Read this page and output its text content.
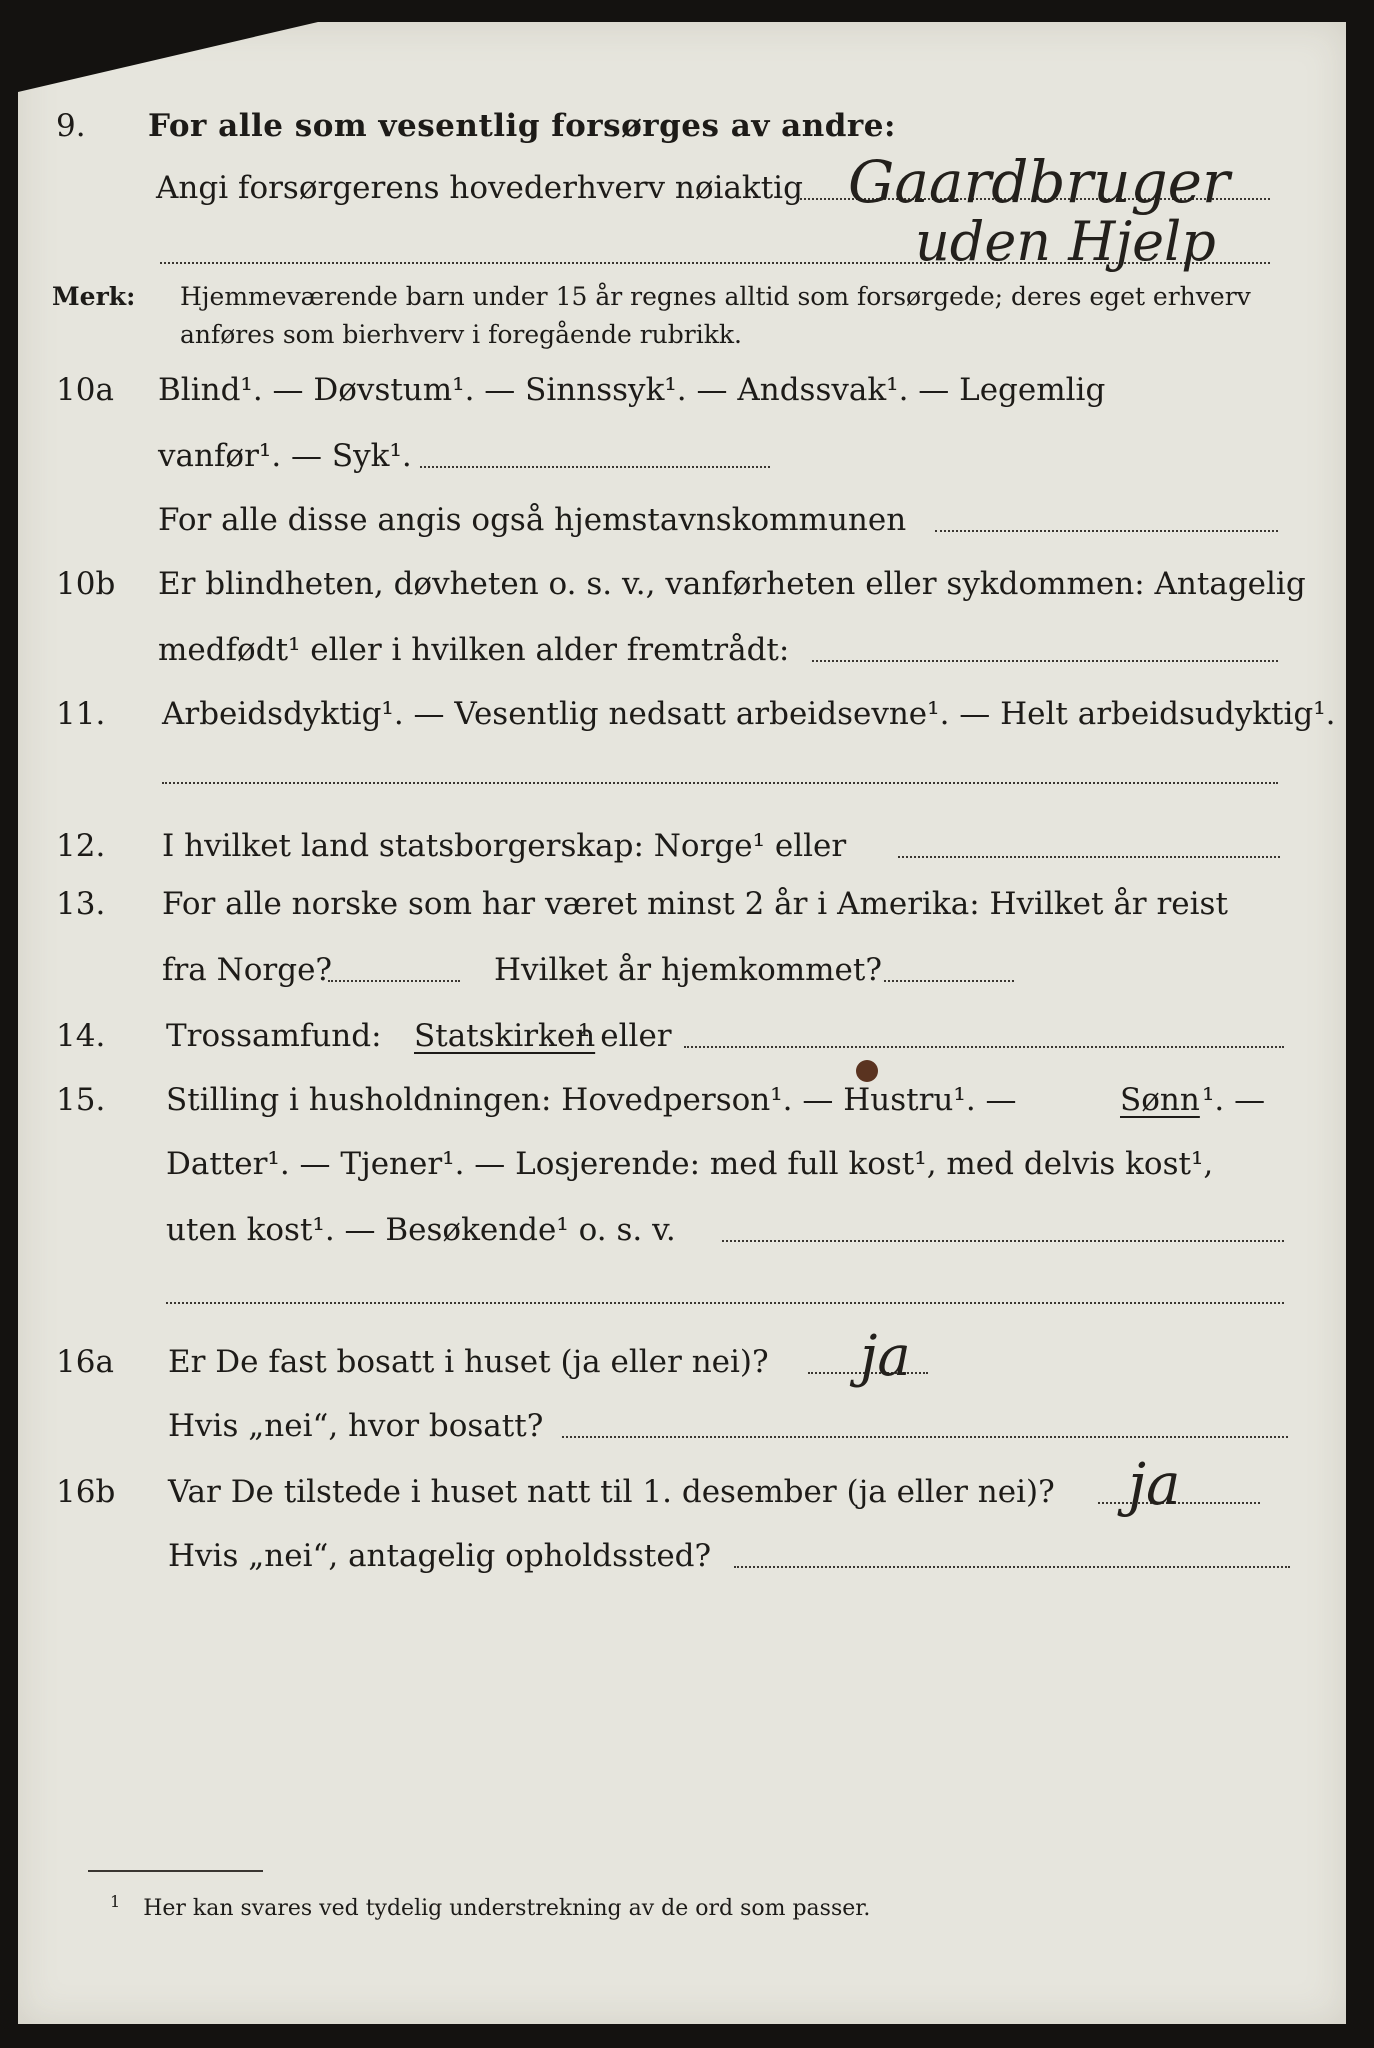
9. For alle som vesentlig forsørges av andre:
Angi forsørgerens hovederhverv nøiaktig Gaardbruger
uden Hjelp
Merk: Hjemmeværende barn under 15 år regnes alltid som forsørgede; deres eget erhverv
anføres som bierhverv i foregående rubrikk.
10a Blind¹. — Døvstum¹. — Sinnssyk¹. — Andssvak¹. — Legemlig
vanfør¹. — Syk¹.
For alle disse angis også hjemstavnskommunen
10b Er blindheten, døvheten o. s. v., vanførheten eller sykdommen: Antagelig
medfødt¹ eller i hvilken alder fremtrådt:
11. Arbeidsdyktig¹. — Vesentlig nedsatt arbeidsevne¹. — Helt arbeidsudyktig¹.
12. I hvilket land statsborgerskap: Norge¹ eller
13. For alle norske som har været minst 2 år i Amerika: Hvilket år reist
fra Norge?	Hvilket år hjemkommet?
14. Trossamfund: Statskirken
¹ eller
15. Stilling i husholdningen: Hovedperson¹. — Hustru¹. —	Sønn ¹. —
Datter¹. — Tjener¹. — Losjerende: med full kost¹, med delvis kost¹,
uten kost¹. — Besøkende¹ o. s. v.
16a Er De fast bosatt i huset (ja eller nei)? ja
Hvis „nei“, hvor bosatt?
16b Var De tilstede i huset natt til 1. desember (ja eller nei)? ja
Hvis „nei“, antagelig opholdssted?
$^1$ Her kan svares ved tydelig understrekning av de ord som passer.
